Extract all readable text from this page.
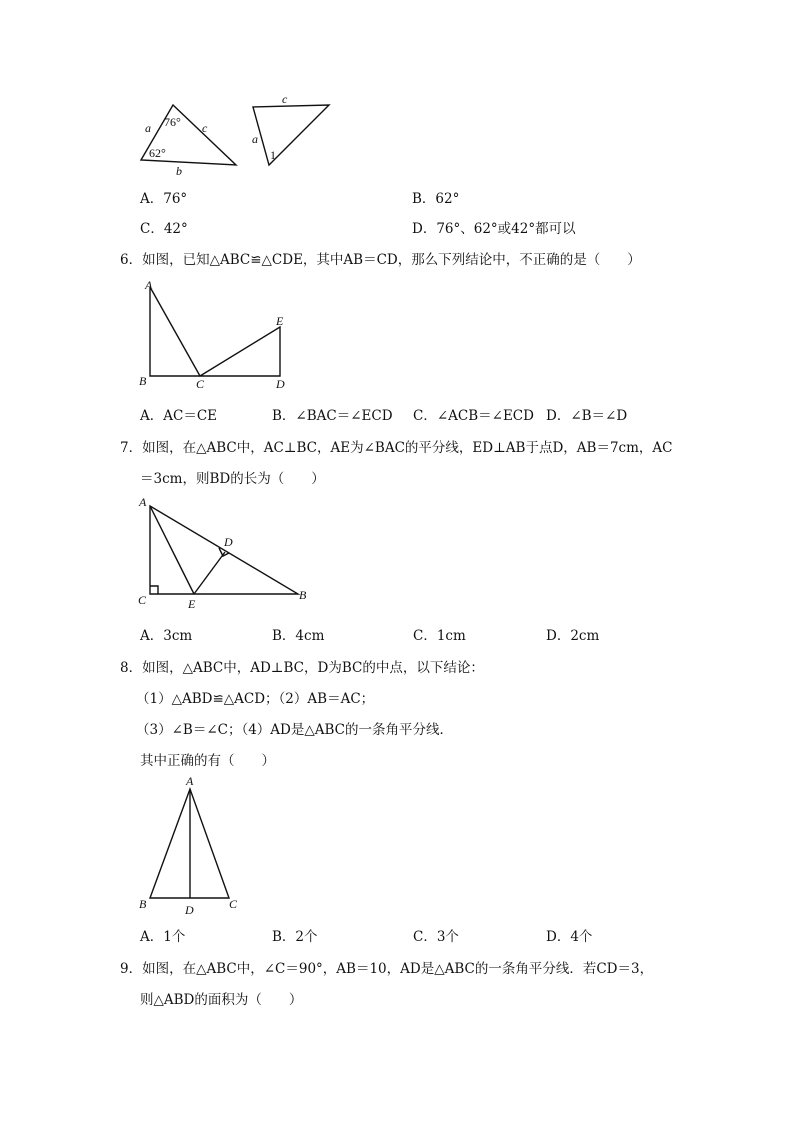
a 76° c
62°
b
c
a
1
A．76°	B．62°
C．42°	D．76°、62°或42°都可以
6．如图，已知△ABC≌△CDE，其中AB＝CD，那么下列结论中，不正确的是（　　）
A
B	C	D
E
A．AC＝CE	B．∠BAC＝∠ECD C．∠ACB＝∠ECD D．∠B＝∠D
7．如图，在△ABC中，AC⊥BC，AE为∠BAC的平分线，ED⊥AB于点D，AB＝7cm，AC
＝3cm，则BD的长为（　　）
A
C	E
B
D
A．3cm	B．4cm	C．1cm	D．2cm
8．如图，△ABC中，AD⊥BC，D为BC的中点，以下结论：
（1）△ABD≌△ACD；（2）AB＝AC；
（3）∠B＝∠C；（4）AD是△ABC的一条角平分线．
其中正确的有（　　）
A
B	D	C
A．1个	B．2个	C．3个	D．4个
9．如图，在△ABC中，∠C＝90°，AB＝10，AD是△ABC的一条角平分线．若CD＝3，
则△ABD的面积为（　　）
